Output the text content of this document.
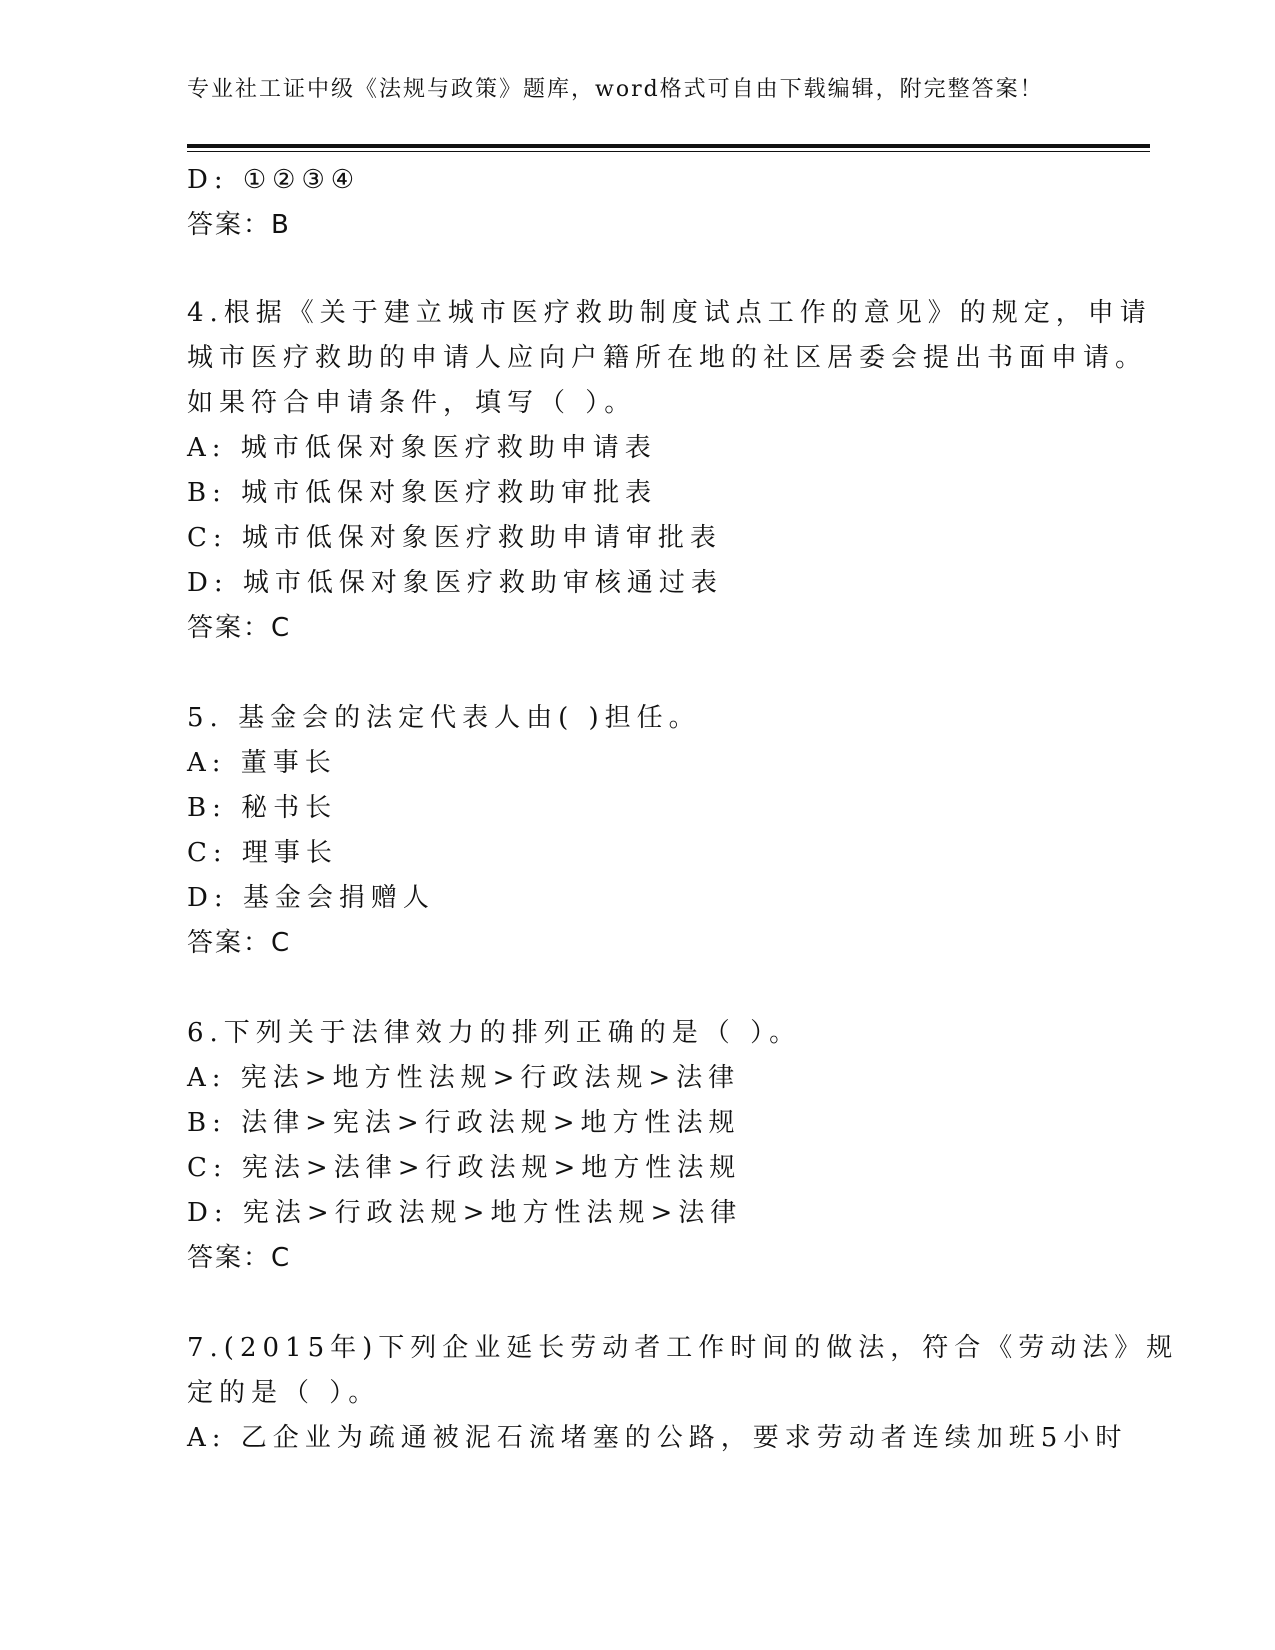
专业社工证中级《法规与政策》题库，word格式可自由下载编辑，附完整答案！
D: ①②③④
答案：B
4.根据《关于建立城市医疗救助制度试点工作的意见》的规定，申请
城市医疗救助的申请人应向户籍所在地的社区居委会提出书面申请。
如果符合申请条件，填写（ ）。
A: 城市低保对象医疗救助申请表
B: 城市低保对象医疗救助审批表
C: 城市低保对象医疗救助申请审批表
D: 城市低保对象医疗救助审核通过表
答案：C
5. 基金会的法定代表人由( )担任。
A: 董事长
B: 秘书长
C: 理事长
D: 基金会捐赠人
答案：C
6.下列关于法律效力的排列正确的是（ ）。
A: 宪法>地方性法规>行政法规>法律
B: 法律>宪法>行政法规>地方性法规
C: 宪法>法律>行政法规>地方性法规
D: 宪法>行政法规>地方性法规>法律
答案：C
7.(2015年)下列企业延长劳动者工作时间的做法，符合《劳动法》规
定的是（ ）。
A: 乙企业为疏通被泥石流堵塞的公路，要求劳动者连续加班5小时
